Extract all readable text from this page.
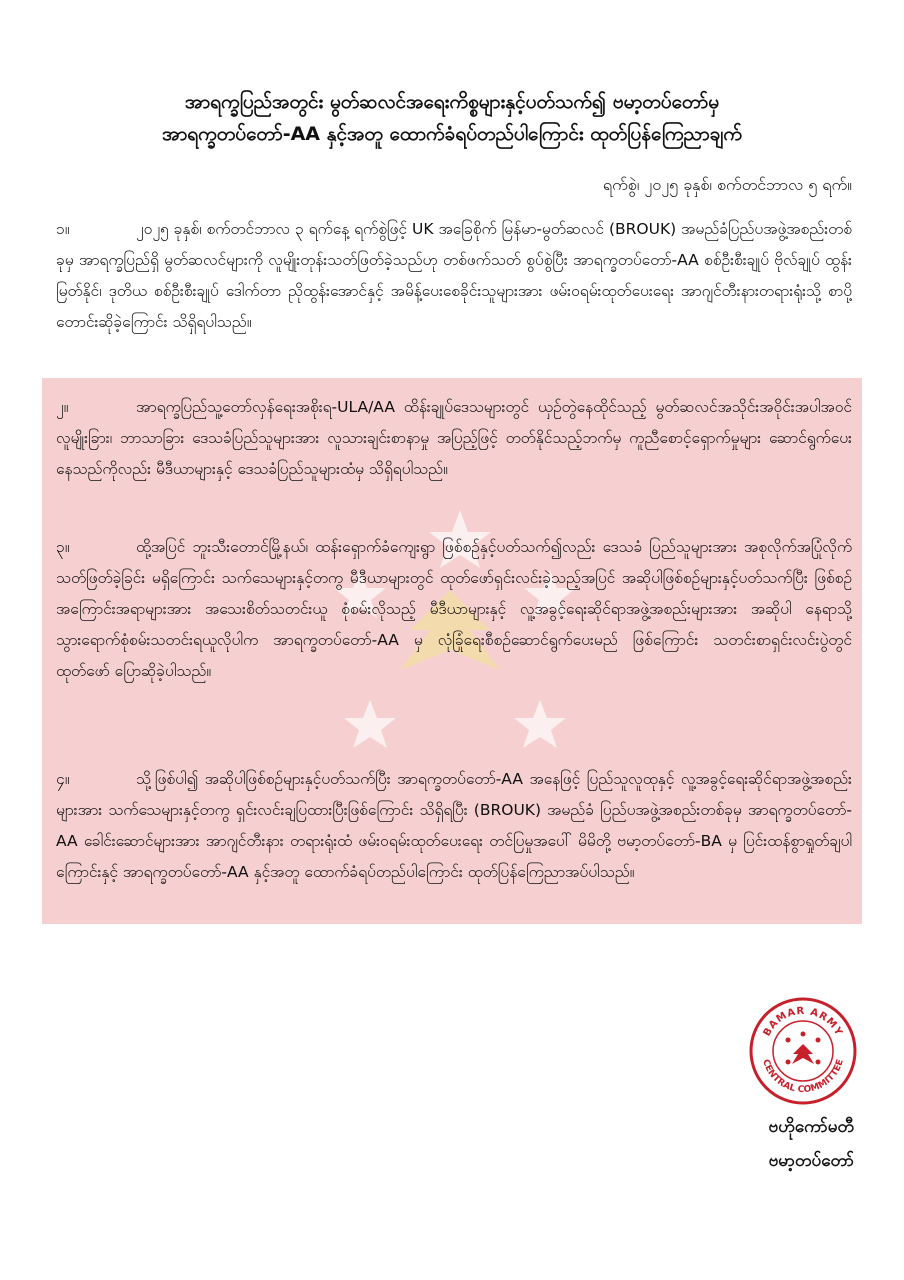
အာရက္ခပြည်အတွင်း မွတ်ဆလင်အရေးကိစ္စများနှင့်ပတ်သက်၍ ဗမာ့တပ်တော်မှ
အာရက္ခတပ်တော်-AA နှင့်အတူ ထောက်ခံရပ်တည်ပါကြောင်း ထုတ်ပြန်ကြေညာချက်
ရက်စွဲ၊ ၂၀၂၅ ခုနှစ်၊ စက်တင်ဘာလ ၅ ရက်။
၁။	၂၀၂၅ ခုနှစ်၊ စက်တင်ဘာလ ၃ ရက်နေ့ ရက်စွဲဖြင့် UK အခြေစိုက် မြန်မာ-မွတ်ဆလင် (BROUK) အမည်ခံပြည်ပအဖွဲ့အစည်းတစ်ခုမှ အာရက္ခပြည်ရှိ မွတ်ဆလင်များကို လူမျိုးတုန်းသတ်ဖြတ်ခဲ့သည်ဟု တစ်ဖက်သတ် စွပ်စွဲပြီး အာရက္ခတပ်တော်-AA စစ်ဦးစီးချုပ် ဗိုလ်ချုပ် ထွန်းမြတ်နိုင်၊ ဒုတိယ စစ်ဦးစီးချုပ် ဒေါက်တာ ညိုထွန်းအောင်နှင့် အမိန့်ပေးစေခိုင်းသူများအား ဖမ်းဝရမ်းထုတ်ပေးရေး အာဂျင်တီးနားတရားရုံးသို့ စာပို့တောင်းဆိုခဲ့ကြောင်း သိရှိရပါသည်။
၂။	အာရက္ခပြည်သူ့တော်လှန်ရေးအစိုးရ-ULA/AA ထိန်းချုပ်ဒေသများတွင် ယှဉ်တွဲနေထိုင်သည့် မွတ်ဆလင်အသိုင်းအဝိုင်းအပါအဝင် လူမျိုးခြား၊ ဘာသာခြား ဒေသခံပြည်သူများအား လူသားချင်းစာနာမှု အပြည့်ဖြင့် တတ်နိုင်သည့်ဘက်မှ ကူညီစောင့်ရှောက်မှုများ ဆောင်ရွက်ပေးနေသည်ကိုလည်း မီဒီယာများနှင့် ဒေသခံပြည်သူများထံမှ သိရှိရပါသည်။
၃။	ထို့အပြင် ဘူးသီးတောင်မြို့နယ်၊ ထန်းရှောက်ခံကျေးရွာ ဖြစ်စဉ်နှင့်ပတ်သက်၍လည်း ဒေသခံ ပြည်သူများအား အစုလိုက်အပြုံလိုက် သတ်ဖြတ်ခဲ့ခြင်း မရှိကြောင်း သက်သေများနှင့်တကွ မီဒီယာများတွင် ထုတ်ဖော်ရှင်းလင်းခဲ့သည့်အပြင် အဆိုပါဖြစ်စဉ်များနှင့်ပတ်သက်ပြီး ဖြစ်စဉ်အကြောင်းအရာများအား အသေးစိတ်သတင်းယူ စုံစမ်းလိုသည့် မီဒီယာများနှင့် လူ့အခွင့်ရေးဆိုင်ရာအဖွဲ့အစည်းများအား အဆိုပါ နေရာသို့ သွားရောက်စုံစမ်းသတင်းရယူလိုပါက အာရက္ခတပ်တော်-AA မှ လုံခြုံရေးစီစဉ်ဆောင်ရွက်ပေးမည် ဖြစ်ကြောင်း သတင်းစာရှင်းလင်းပွဲတွင် ထုတ်ဖော် ပြောဆိုခဲ့ပါသည်။
၄။	သို့ဖြစ်ပါ၍ အဆိုပါဖြစ်စဉ်များနှင့်ပတ်သက်ပြီး အာရက္ခတပ်တော်-AA အနေဖြင့် ပြည်သူလူထုနှင့် လူ့အခွင့်ရေးဆိုင်ရာအဖွဲ့အစည်းများအား သက်သေများနှင့်တကွ ရှင်းလင်းချပြထားပြီးဖြစ်ကြောင်း သိရှိရပြီး (BROUK) အမည်ခံ ပြည်ပအဖွဲ့အစည်းတစ်ခုမှ အာရက္ခတပ်တော်-AA ခေါင်းဆောင်များအား အာဂျင်တီးနား တရားရုံးထံ ဖမ်းဝရမ်းထုတ်ပေးရေး တင်ပြမှုအပေါ် မိမိတို့ ဗမာ့တပ်တော်-BA မှ ပြင်းထန်စွာရှုတ်ချပါ ကြောင်းနှင့် အာရက္ခတပ်တော်-AA နှင့်အတူ ထောက်ခံရပ်တည်ပါကြောင်း ထုတ်ပြန်ကြေညာအပ်ပါသည်။
BAMAR ARMY
CENTRAL COMMITTEE
ဗဟိုကော်မတီ
ဗမာ့တပ်တော်
